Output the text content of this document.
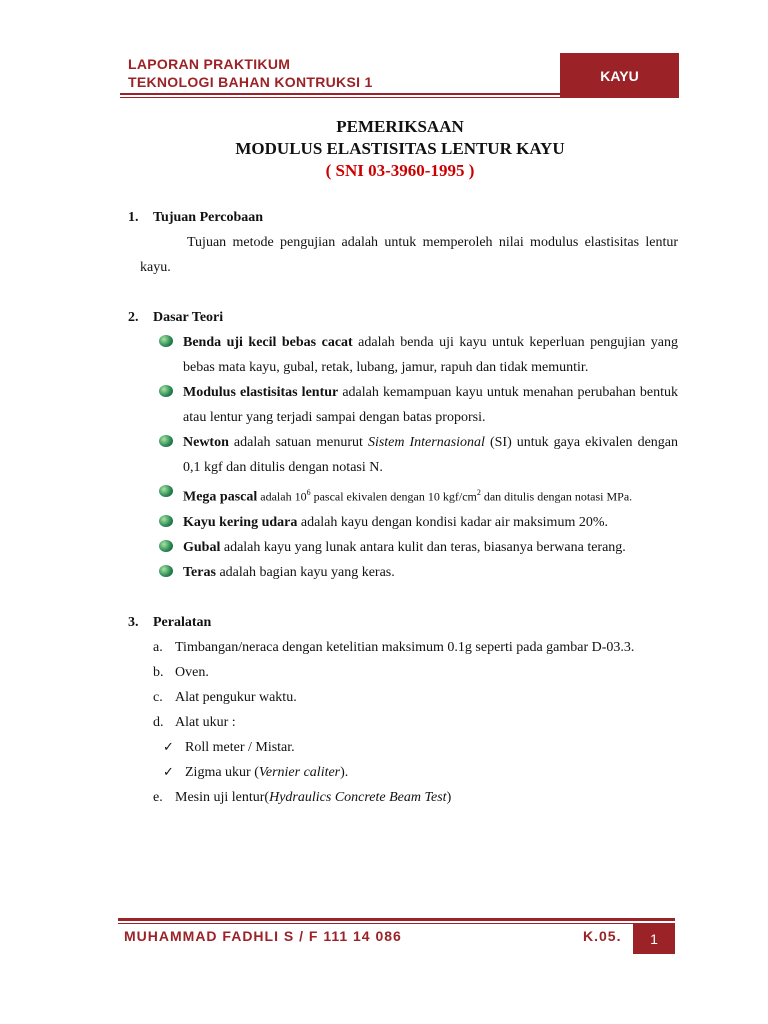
LAPORAN PRAKTIKUM
TEKNOLOGI BAHAN KONTRUKSI 1	KAYU
PEMERIKSAAN
MODULUS ELASTISITAS LENTUR KAYU
( SNI 03-3960-1995 )
1. Tujuan Percobaan

Tujuan metode pengujian adalah untuk memperoleh nilai modulus elastisitas lentur kayu.

2. Dasar Teori
Benda uji kecil bebas cacat adalah benda uji kayu untuk keperluan pengujian yang bebas mata kayu, gubal, retak, lubang, jamur, rapuh dan tidak memuntir.
Modulus elastisitas lentur adalah kemampuan kayu untuk menahan perubahan bentuk atau lentur yang terjadi sampai dengan batas proporsi.
Newton adalah satuan menurut Sistem Internasional (SI) untuk gaya ekivalen dengan 0,1 kgf dan ditulis dengan notasi N.
Mega pascal adalah $10^6$ pascal ekivalen dengan 10 kgf/$cm^2$ dan ditulis dengan notasi MPa.
Kayu kering udara adalah kayu dengan kondisi kadar air maksimum 20%.
Gubal adalah kayu yang lunak antara kulit dan teras, biasanya berwana terang.
Teras adalah bagian kayu yang keras.
3. Peralatan
a. Timbangan/neraca dengan ketelitian maksimum 0.1g seperti pada gambar D-03.3.
b. Oven.
c. Alat pengukur waktu.
d. Alat ukur :
✓ Roll meter / Mistar.
✓ Zigma ukur (Vernier caliter).
e. Mesin uji lentur(Hydraulics Concrete Beam Test)
MUHAMMAD FADHLI S / F 111 14 086	K.05.	1
